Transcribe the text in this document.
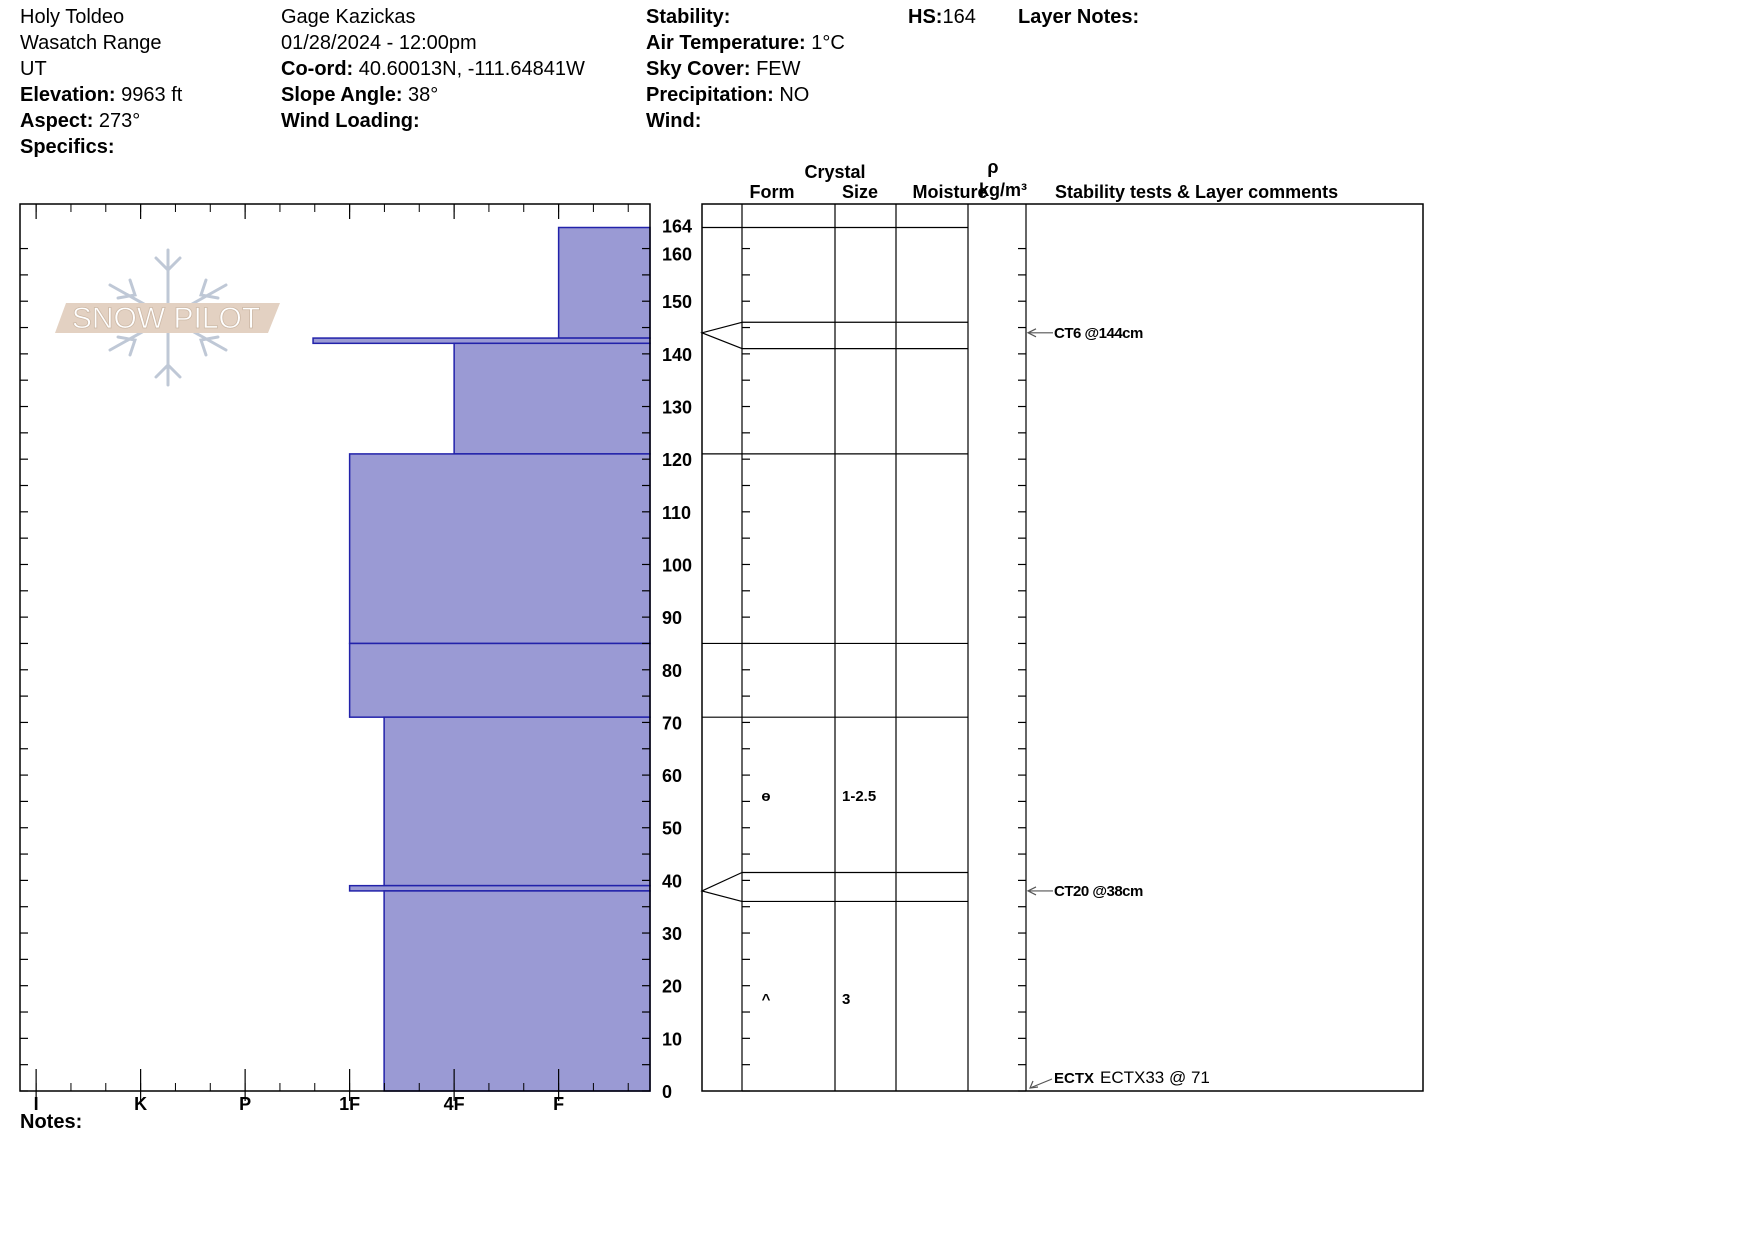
Holy Toldeo
Wasatch Range
UT
Elevation: 9963 ft
Aspect: 273°
Specifics:
Gage Kazickas
01/28/2024 - 12:00pm
Co-ord: 40.60013N, -111.64841W
Slope Angle: 38°
Wind Loading:
Stability:
Air Temperature: 1°C
Sky Cover: FEW
Precipitation: NO
Wind:
HS:164 Layer Notes:
SNOW PILOT
0
10
20
30
40
50
60
70
80
90
100
110
120
130
140
150
160
164
I	K	P	1F	4F	F
ɵ	1-2.5
^	3
CT6 @144cm
CT20 @38cm
ECTX ECTX33 @ 71
Crystal
Form	Size Moisture
ρ
kg/m³ Stability tests & Layer comments
Notes:
